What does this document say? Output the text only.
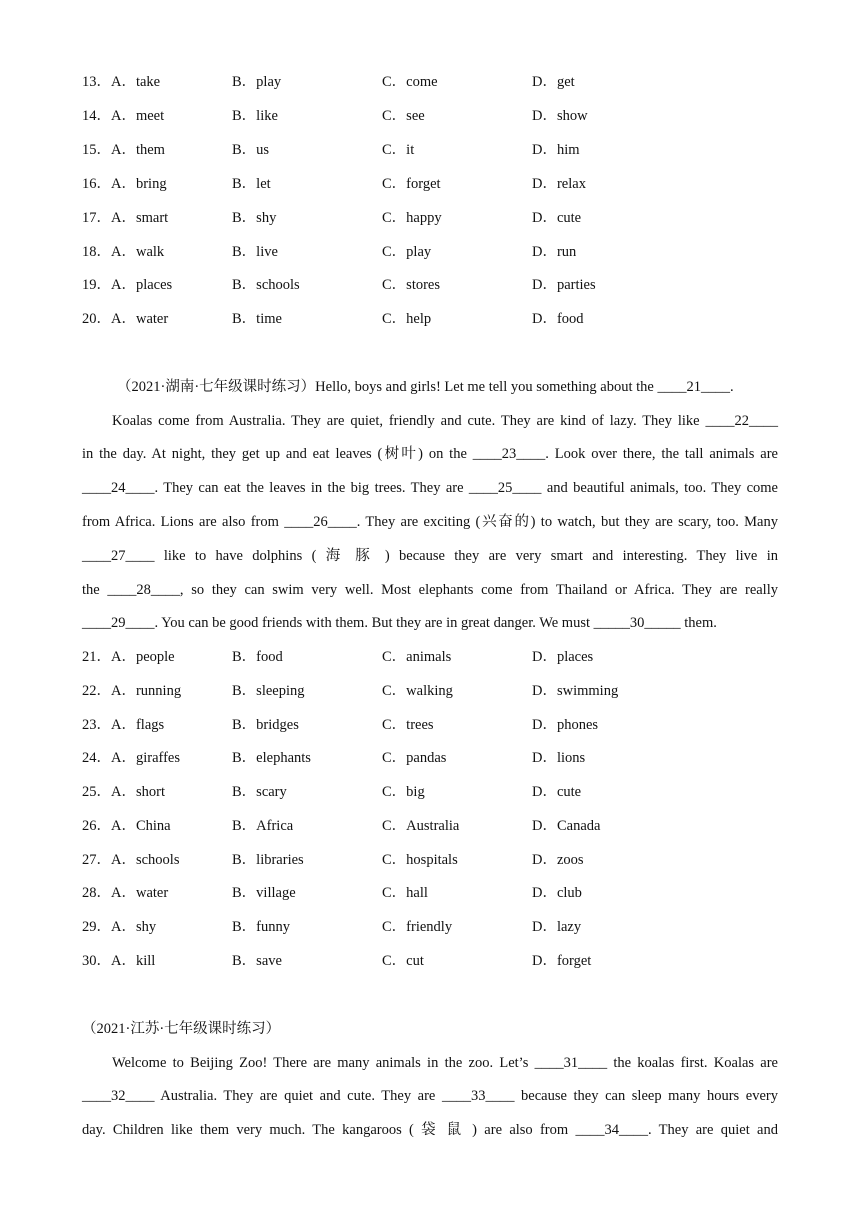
13．A．take	B．play	C．come	D．get
14．A．meet	B．like	C．see	D．show
15．A．them	B．us	C．it	D．him
16．A．bring	B．let	C．forget	D．relax
17．A．smart	B．shy	C．happy	D．cute
18．A．walk	B．live	C．play	D．run
19．A．places	B．schools	C．stores	D．parties
20．A．water	B．time	C．help	D．food
（2021·湖南·七年级课时练习）Hello, boys and girls! Let me tell you something about the ____21____.
Koalas come from Australia. They are quiet, friendly and cute. They are kind of lazy. They like ____22____
in the day. At night, they get up and eat leaves (树叶) on the ____23____. Look over there, the tall animals are
____24____. They can eat the leaves in the big trees. They are ____25____ and beautiful animals, too. They come
from Africa. Lions are also from ____26____. They are exciting (兴奋的) to watch, but they are scary, too. Many
____27____ like to have dolphins ( 海 豚 ) because they are very smart and interesting. They live in
the ____28____, so they can swim very well. Most elephants come from Thailand or Africa. They are really
____29____. You can be good friends with them. But they are in great danger. We must _____30_____ them.
21．A．people	B．food	C．animals	D．places
22．A．running	B．sleeping	C．walking	D．swimming
23．A．flags	B．bridges	C．trees	D．phones
24．A．giraffes	B．elephants	C．pandas	D．lions
25．A．short	B．scary	C．big	D．cute
26．A．China	B．Africa	C．Australia	D．Canada
27．A．schools	B．libraries	C．hospitals	D．zoos
28．A．water	B．village	C．hall	D．club
29．A．shy	B．funny	C．friendly	D．lazy
30．A．kill	B．save	C．cut	D．forget
（2021·江苏·七年级课时练习）
Welcome to Beijing Zoo! There are many animals in the zoo. Let’s ____31____ the koalas first. Koalas are
____32____ Australia. They are quiet and cute. They are ____33____ because they can sleep many hours every
day. Children like them very much. The kangaroos ( 袋 鼠 ) are also from ____34____. They are quiet and
